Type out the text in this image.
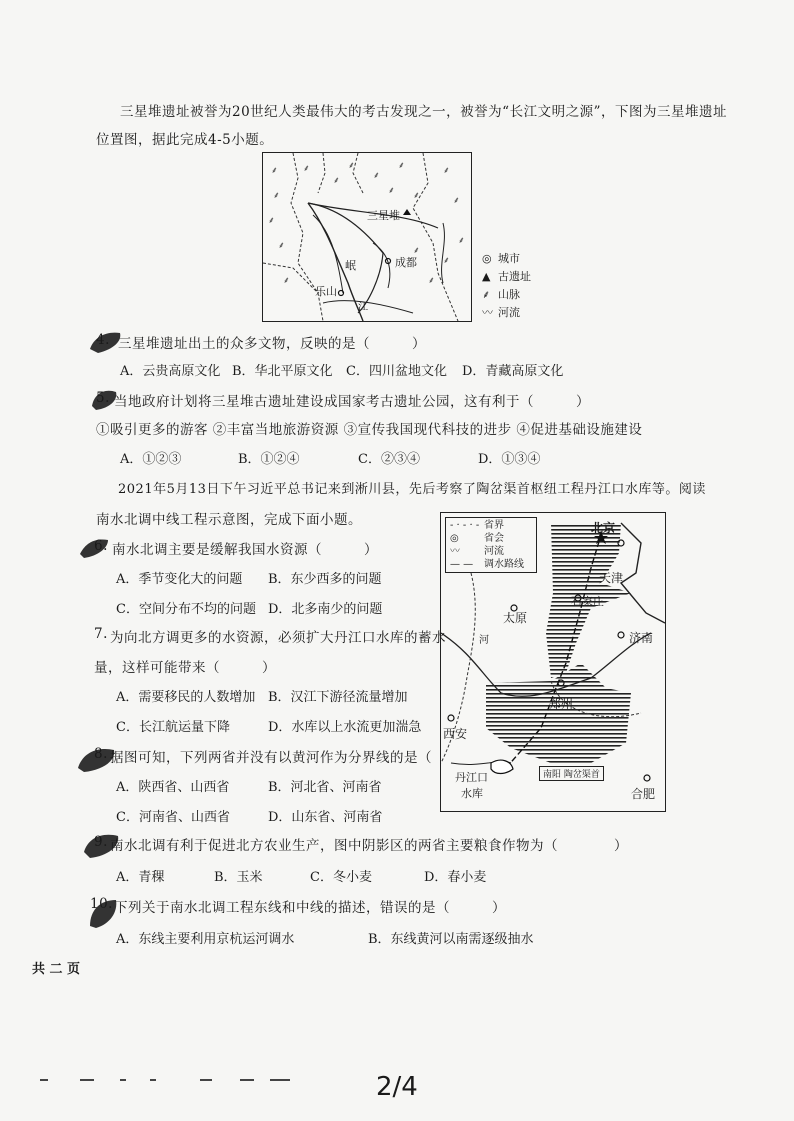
三星堆遗址被誉为20世纪人类最伟大的考古发现之一，被誉为“长江文明之源”，下图为三星堆遗址
位置图，据此完成4-5小题。
⸙
⸙
⸙
⸙
⸙
⸙	⸙
⸙	⸙
⸙
⸙
⸙
⸙
⸙
⸙
⸙
⸙
⸙
三星堆
成都
岷
乐山
江
◎ 城市
▲ 古遗址
⸙ 山脉
〰 河流
4. 三星堆遗址出土的众多文物，反映的是（　　　）
A．云贵高原文化 B．华北平原文化 C．四川盆地文化 D．青藏高原文化
5. 当地政府计划将三星堆古遗址建设成国家考古遗址公园，这有利于（　　　）
①吸引更多的游客 ②丰富当地旅游资源 ③宣传我国现代科技的进步 ④促进基础设施建设
A．①②③	B．①②④	C．②③④	D．①③④
2021年5月13日下午习近平总书记来到淅川县，先后考察了陶岔渠首枢纽工程丹江口水库等。阅读
南水北调中线工程示意图，完成下面小题。	- · - · - 省界
◎	省会
〰 河流
— — 调水路线
北京
天津
石家庄
太原
济南
郑州
西安
丹江口
水库	合肥
河
南阳 陶岔渠首
6. 南水北调主要是缓解我国水资源（　　　）
A．季节变化大的问题 B．东少西多的问题
C．空间分布不均的问题 D．北多南少的问题
7. 为向北方调更多的水资源，必须扩大丹江口水库的蓄水
量，这样可能带来（　　　）
A．需要移民的人数增加 B．汉江下游径流量增加
C．长江航运量下降	D．水库以上水流更加湍急
8. 据图可知，下列两省并没有以黄河作为分界线的是（
A．陕西省、山西省	B．河北省、河南省
C．河南省、山西省	D．山东省、河南省
9. 南水北调有利于促进北方农业生产，图中阴影区的两省主要粮食作物为（　　　　）
A．青稞	B．玉米	C．冬小麦	D．春小麦
10. 下列关于南水北调工程东线和中线的描述，错误的是（　　　）
A．东线主要利用京杭运河调水	B．东线黄河以南需逐级抽水
共 二 页
2/4
